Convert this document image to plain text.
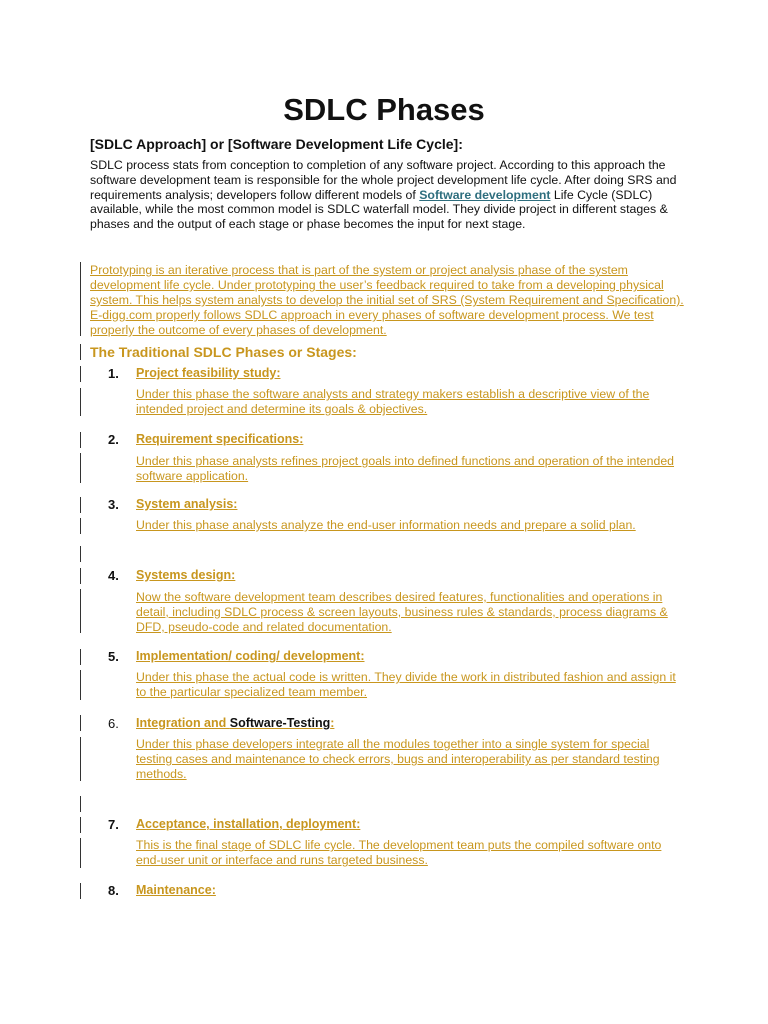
SDLC Phases
[SDLC Approach] or [Software Development Life Cycle]:

SDLC process stats from conception to completion of any software project. According to this approach the software development team is responsible for the whole project development life cycle. After doing SRS and requirements analysis; developers follow different models of Software development Life Cycle (SDLC) available, while the most common model is SDLC waterfall model. They divide project in different stages & phases and the output of each stage or phase becomes the input for next stage.

Prototyping is an iterative process that is part of the system or project analysis phase of the system development life cycle. Under prototyping the user’s feedback required to take from a developing physical system. This helps system analysts to develop the initial set of SRS (System Requirement and Specification). E-digg.com properly follows SDLC approach in every phases of software development process. We test properly the outcome of every phases of development.

The Traditional SDLC Phases or Stages:
1.	Project feasibility study:

Under this phase the software analysts and strategy makers establish a descriptive view of the intended project and determine its goals & objectives.

2.	Requirement specifications:

Under this phase analysts refines project goals into defined functions and operation of the intended software application.

3.	System analysis:

Under this phase analysts analyze the end-user information needs and prepare a solid plan.

4.	Systems design:

Now the software development team describes desired features, functionalities and operations in detail, including SDLC process & screen layouts, business rules & standards, process diagrams & DFD, pseudo-code and related documentation.

5.	Implementation/ coding/ development:

Under this phase the actual code is written. They divide the work in distributed fashion and assign it to the particular specialized team member.

6.	Integration and Software-Testing:

Under this phase developers integrate all the modules together into a single system for special testing cases and maintenance to check errors, bugs and interoperability as per standard testing methods.

7.	Acceptance, installation, deployment:

This is the final stage of SDLC life cycle. The development team puts the compiled software onto end-user unit or interface and runs targeted business.

8.	Maintenance:
